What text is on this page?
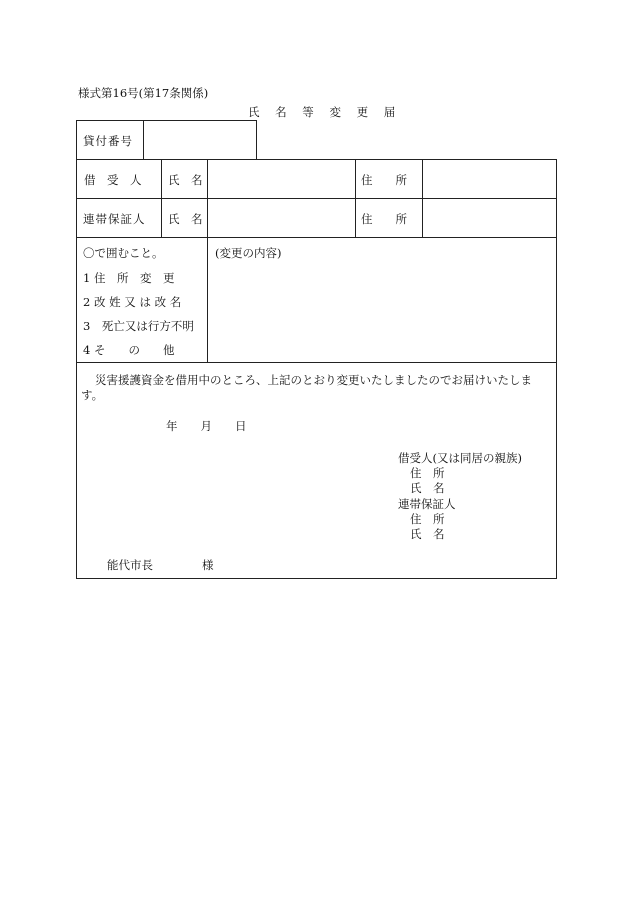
様式第16号(第17条関係)
氏 名 等 変 更 届
貸付番号
借　受　人 氏　名	住　　所
連帯保証人 氏　名	住　　所
〇で囲むこと。
1 住　所　変　更
2 改 姓 又 は 改 名
3　死亡又は行方不明
4 そ　　の　　他
(変更の内容)
災害援護資金を借用中のところ、上記のとおり変更いたしましたのでお届けいたしま
す。
年　　月　　日
借受人(又は同居の親族)
住　所
氏　名
連帯保証人
住　所
氏　名
能代市長	様
